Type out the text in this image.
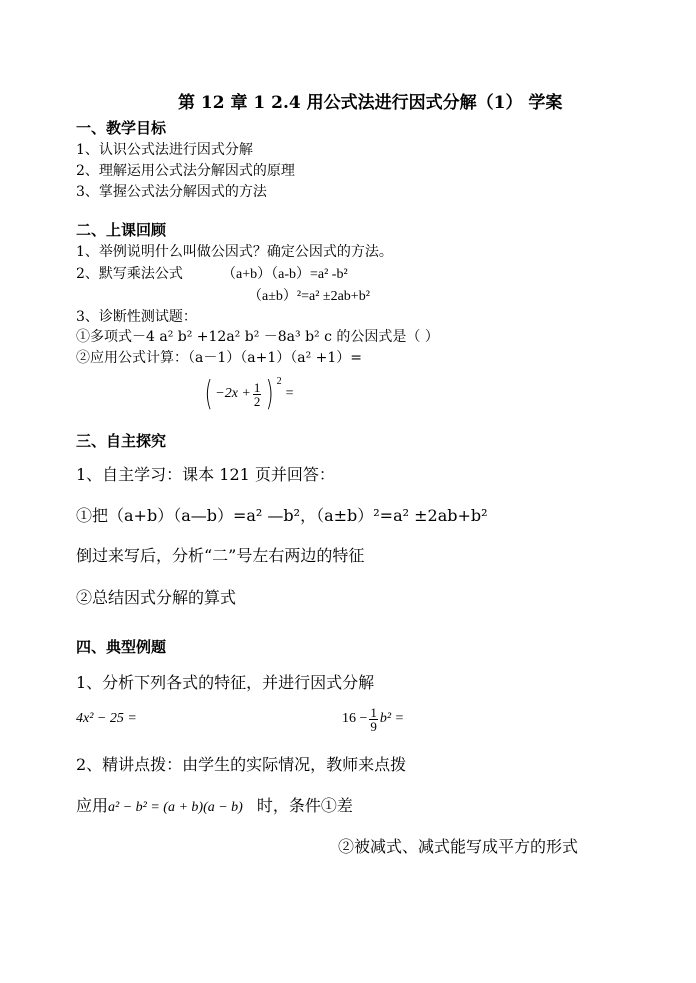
第 12 章 1 2.4 用公式法进行因式分解（1） 学案
一、教学目标
1、认识公式法进行因式分解
2、理解运用公式法分解因式的原理
3、掌握公式法分解因式的方法
二、上课回顾
1、举例说明什么叫做公因式？确定公因式的方法。
2、默写乘法公式	（a+b）（a-b）=a² -b²
（a±b）²=a² ±2ab+b²
3、诊断性测试题：
①多项式－4 a² b² +12a² b² －8a³ b² c 的公因式是（ ）
②应用公式计算：（a－1）（a+1）（a² +1）=
( $-2x + \frac{1}{2}$ ) 2
=
三、自主探究
1、自主学习：课本 121 页并回答：
①把（a+b）（a—b）=a² —b²，（a±b）²=a² ±2ab+b²
倒过来写后，分析“二”号左右两边的特征
②总结因式分解的算式
四、典型例题
1、分析下列各式的特征，并进行因式分解
4x² − 25 =	$16 - \frac{1}{9} b^2$ =
2、精讲点拨：由学生的实际情况，教师来点拨
应用a² − b² = (a + b)(a − b) 时，条件①差
②被减式、减式能写成平方的形式
